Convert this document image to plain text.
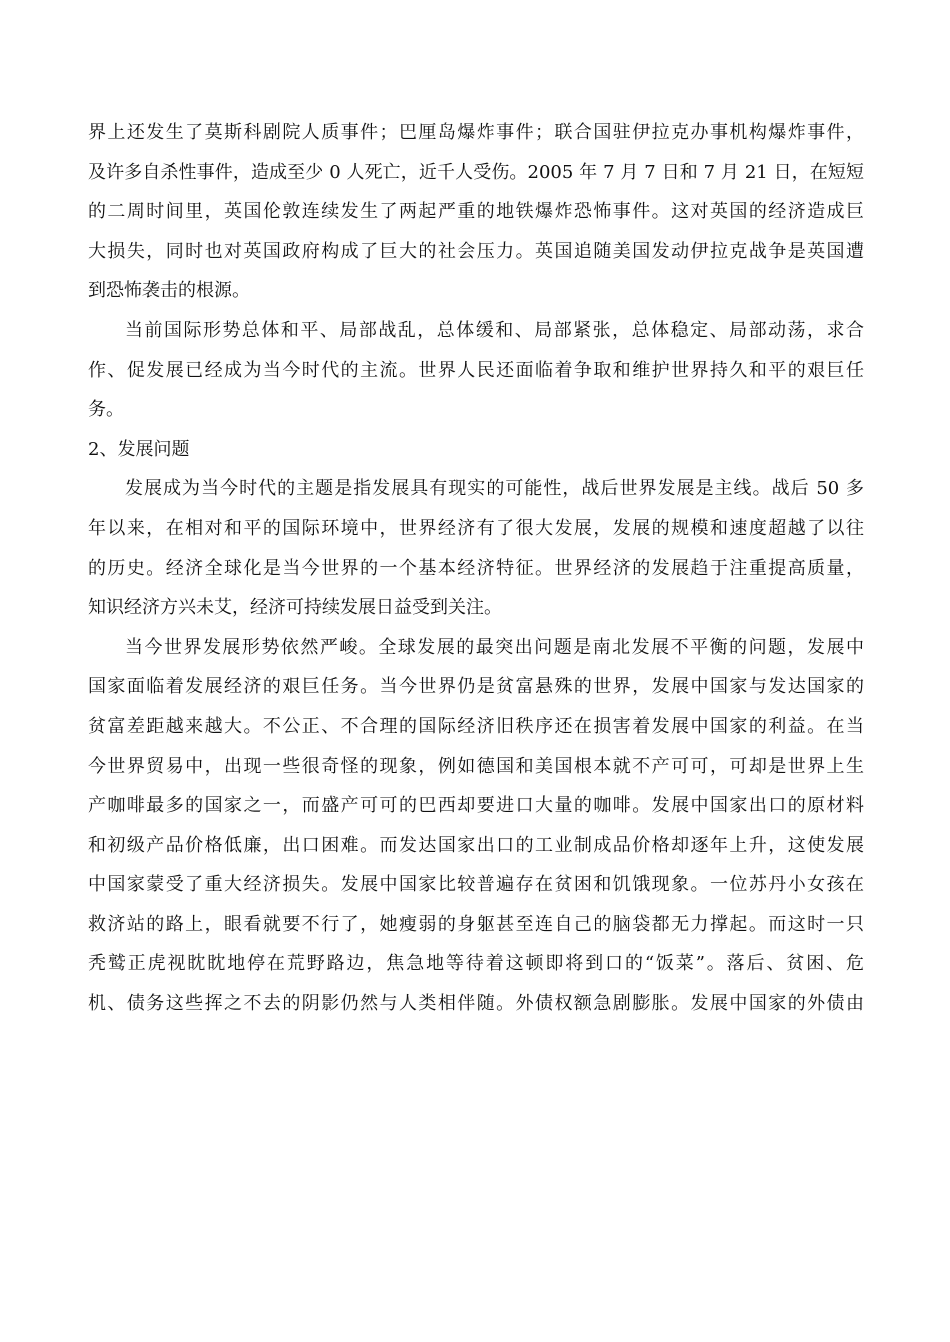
界上还发生了莫斯科剧院人质事件；巴厘岛爆炸事件；联合国驻伊拉克办事机构爆炸事件，
及许多自杀性事件，造成至少 0 人死亡，近千人受伤。2005 年 7 月 7 日和 7 月 21 日，在短短
的二周时间里，英国伦敦连续发生了两起严重的地铁爆炸恐怖事件。这对英国的经济造成巨
大损失，同时也对英国政府构成了巨大的社会压力。英国追随美国发动伊拉克战争是英国遭
到恐怖袭击的根源。
当前国际形势总体和平、局部战乱，总体缓和、局部紧张，总体稳定、局部动荡，求合
作、促发展已经成为当今时代的主流。世界人民还面临着争取和维护世界持久和平的艰巨任
务。
2、发展问题
发展成为当今时代的主题是指发展具有现实的可能性，战后世界发展是主线。战后 50 多
年以来，在相对和平的国际环境中，世界经济有了很大发展，发展的规模和速度超越了以往
的历史。经济全球化是当今世界的一个基本经济特征。世界经济的发展趋于注重提高质量，
知识经济方兴未艾，经济可持续发展日益受到关注。
当今世界发展形势依然严峻。全球发展的最突出问题是南北发展不平衡的问题，发展中
国家面临着发展经济的艰巨任务。当今世界仍是贫富悬殊的世界，发展中国家与发达国家的
贫富差距越来越大。不公正、不合理的国际经济旧秩序还在损害着发展中国家的利益。在当
今世界贸易中，出现一些很奇怪的现象，例如德国和美国根本就不产可可，可却是世界上生
产咖啡最多的国家之一，而盛产可可的巴西却要进口大量的咖啡。发展中国家出口的原材料
和初级产品价格低廉，出口困难。而发达国家出口的工业制成品价格却逐年上升，这使发展
中国家蒙受了重大经济损失。发展中国家比较普遍存在贫困和饥饿现象。一位苏丹小女孩在
救济站的路上，眼看就要不行了，她瘦弱的身躯甚至连自己的脑袋都无力撑起。而这时一只
秃鹫正虎视眈眈地停在荒野路边，焦急地等待着这顿即将到口的“饭菜”。落后、贫困、危
机、债务这些挥之不去的阴影仍然与人类相伴随。外债权额急剧膨胀。发展中国家的外债由
